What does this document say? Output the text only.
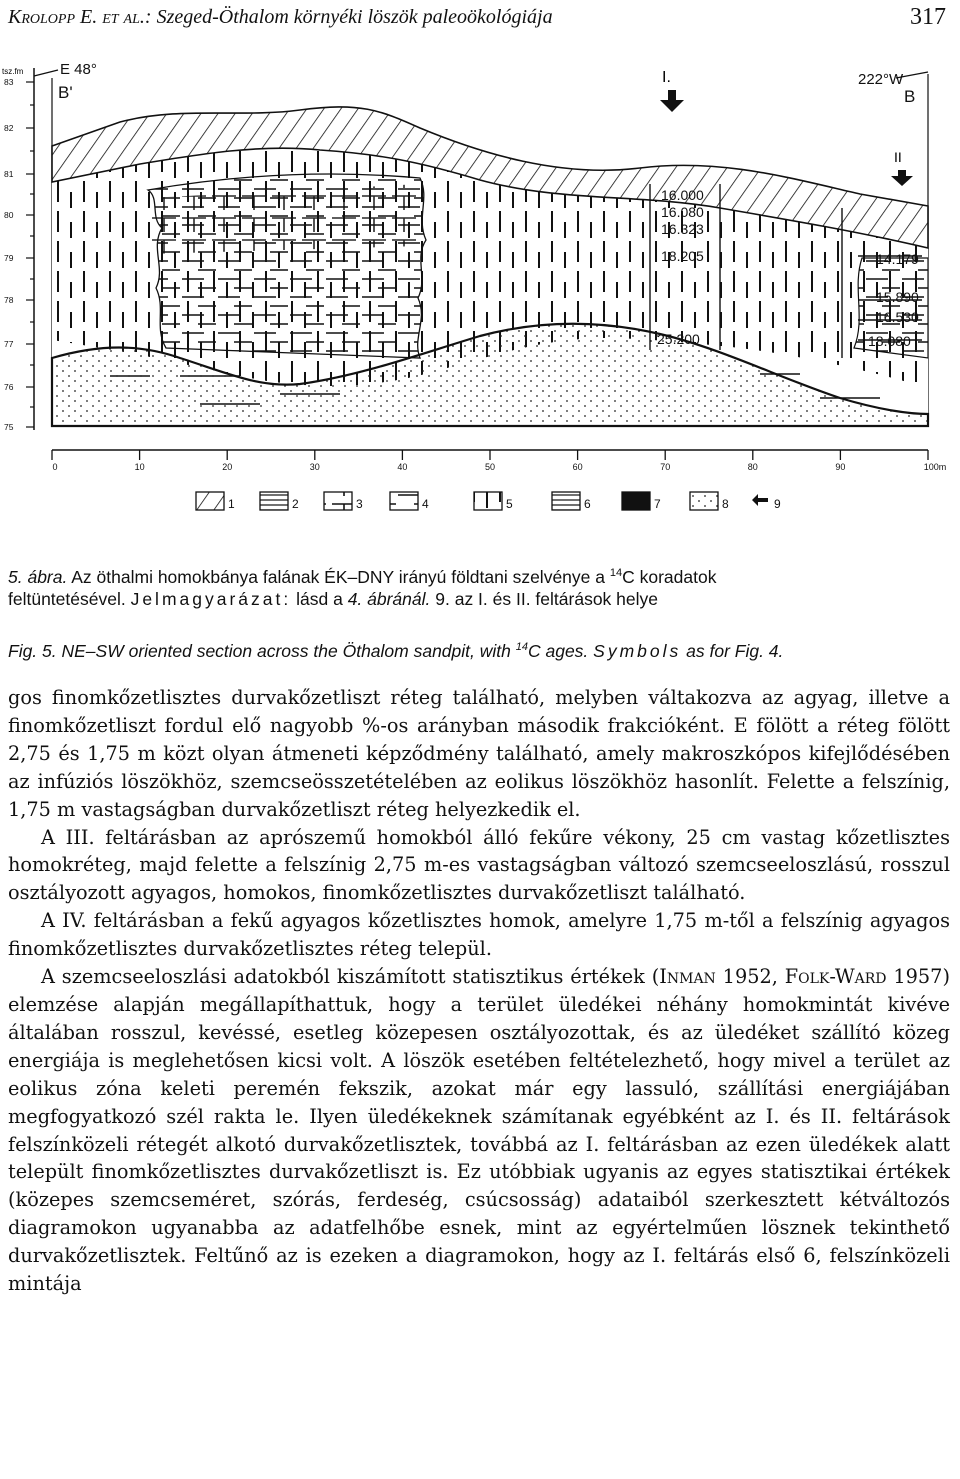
Krolopp E. et al.: Szeged-Öthalom környéki löszök paleoökológiája	317
tsz.fm
83
82
81
80
79
78
77
76
75
E 48°
B'
222°W
B
I.
16.000
16.080
16.323
18.205
25.200
II
14.179
15.890
16.530
18.080
0	10	20	30	40	50	60	70	80	90	100m
1	2	3	4	5	6	7	8	9
5. ábra. Az öthalmi homokbánya falának ÉK–DNY irányú földtani szelvénye a $^{14}$C koradatok
feltüntetésével. Jelmagyarázat: lásd a 4. ábránál. 9. az I. és II. feltárások helye
Fig. 5. NE–SW oriented section across the Öthalom sandpit, with $^{14}$C ages. Symbols as for Fig. 4.

gos finomkőzetlisztes durvakőzetliszt réteg található, melyben váltakozva az agyag, illetve a finomkőzetliszt fordul elő nagyobb %-os arányban második frakcióként. E fölött a réteg fölött 2,75 és 1,75 m közt olyan átmeneti képződmény található, amely makroszkópos kifejlődésében az infúziós löszökhöz, szemcseösszetételében az eolikus löszökhöz hasonlít. Felette a felszínig, 1,75 m vastagságban durvakőzetliszt réteg helyezkedik el.

A III. feltárásban az aprószemű homokból álló fekűre vékony, 25 cm vastag kőzetlisztes homokréteg, majd felette a felszínig 2,75 m-es vastagságban változó szemcseeloszlású, rosszul osztályozott agyagos, homokos, finomkőzetlisztes durvakőzetliszt található.

A IV. feltárásban a fekű agyagos kőzetlisztes homok, amelyre 1,75 m-től a felszínig agyagos finomkőzetlisztes durvakőzetlisztes réteg települ.

A szemcseeloszlási adatokból kiszámított statisztikus értékek (Inman 1952, Folk-Ward 1957) elemzése alapján megállapíthattuk, hogy a terület üledékei néhány homokmintát kivéve általában rosszul, kevéssé, esetleg közepesen osztályozottak, és az üledéket szállító közeg energiája is meglehetősen kicsi volt. A löszök esetében feltételezhető, hogy mivel a terület az eolikus zóna keleti peremén fekszik, azokat már egy lassuló, szállítási energiájában megfogyatkozó szél rakta le. Ilyen üledékeknek számítanak egyébként az I. és II. feltárások felszínközeli rétegét alkotó durvakőzetlisztek, továbbá az I. feltárásban az ezen üledékek alatt települt finomkőzetlisztes durvakőzetliszt is. Ez utóbbiak ugyanis az egyes statisztikai értékek (közepes szemcseméret, szórás, ferdeség, csúcsosság) adataiból szerkesztett kétváltozós diagramokon ugyanabba az adatfelhőbe esnek, mint az egyértelműen lösznek tekinthető durvakőzetlisztek. Feltűnő az is ezeken a diagramokon, hogy az I. feltárás első 6, felszínközeli mintája
